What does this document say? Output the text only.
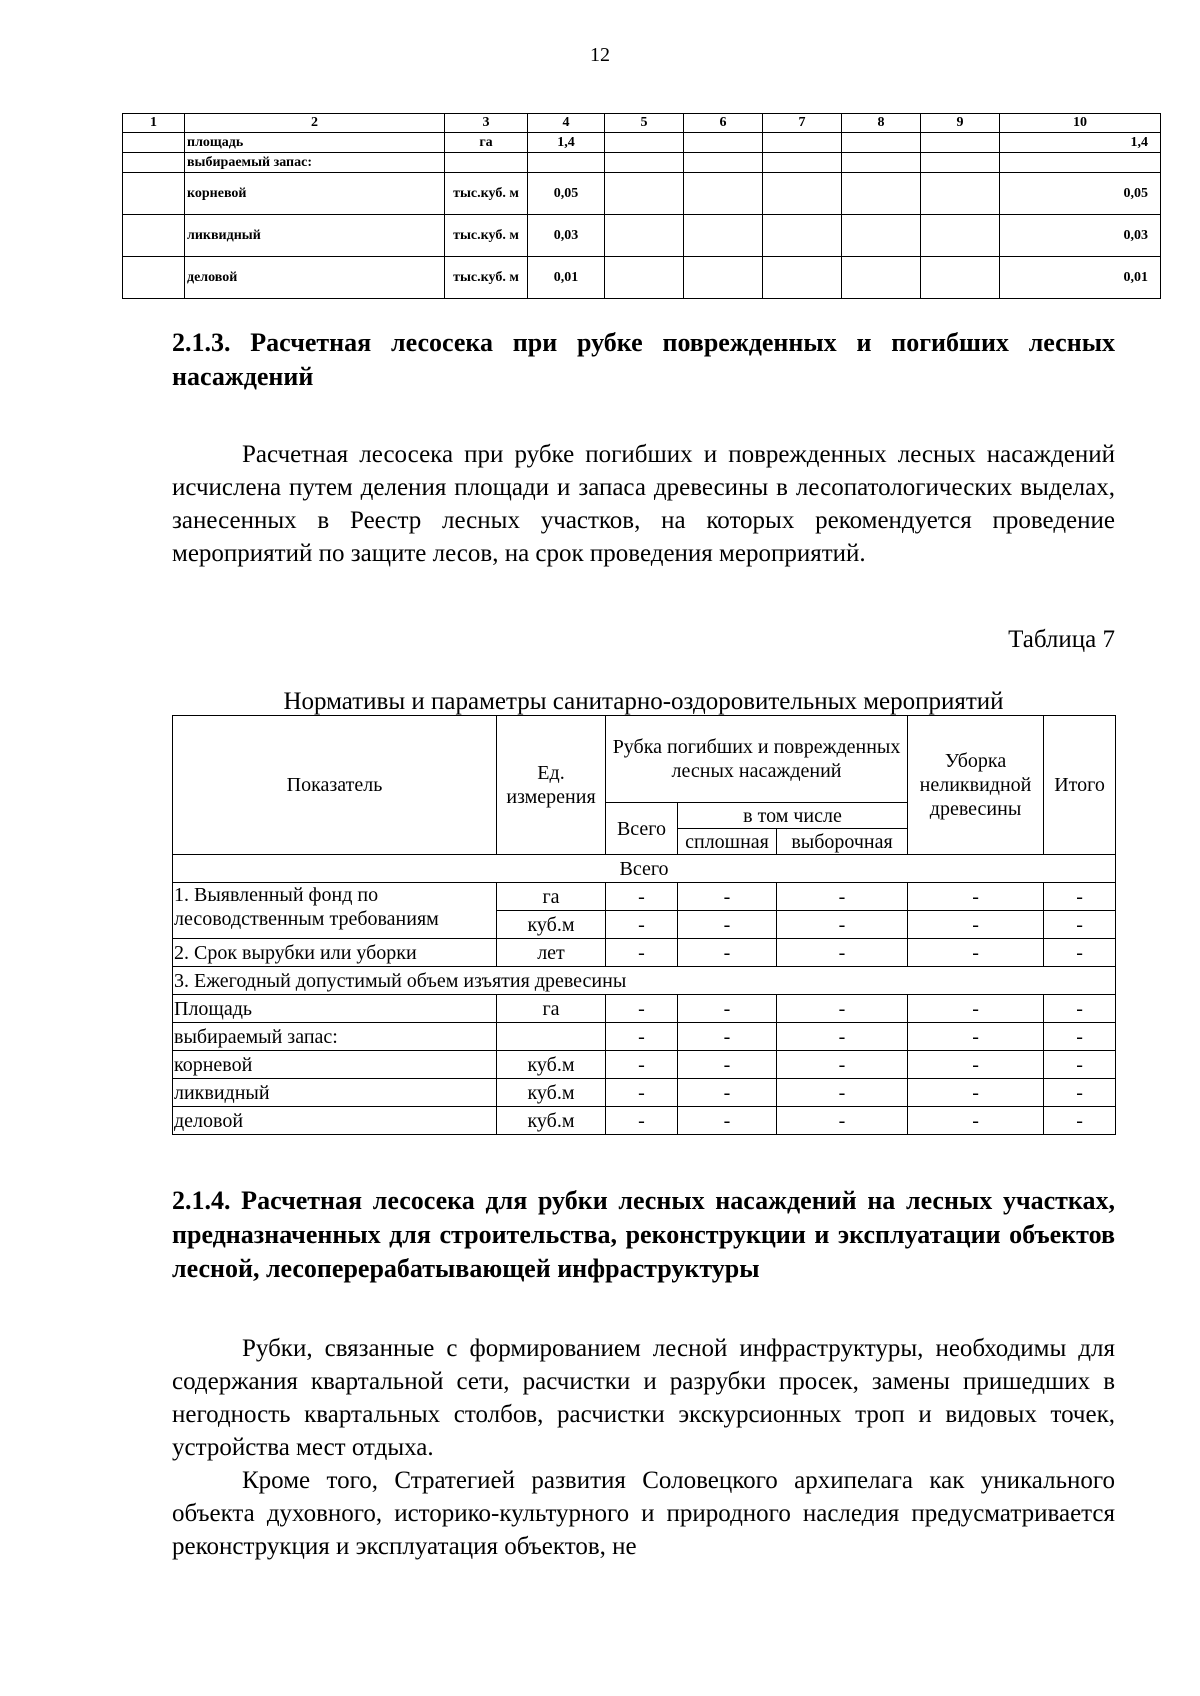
12
1	2	3	4	5	6	7	8	9	10
	площадь	га	1,4						1,4
	выбираемый запас:								
	корневой	тыс.куб. м	0,05						0,05
	ликвидный	тыс.куб. м	0,03						0,03
	деловой	тыс.куб. м	0,01						0,01
2.1.3. Расчетная лесосека при рубке поврежденных и погибших лесных насаждений
Расчетная лесосека при рубке погибших и поврежденных лесных насаждений исчислена путем деления площади и запаса древесины в лесопатологических выделах, занесенных в Реестр лесных участков, на которых рекомендуется проведение мероприятий по защите лесов, на срок проведения мероприятий.
Таблица 7
Нормативы и параметры санитарно-оздоровительных мероприятий
Показатель	Ед. измерения	Рубка погибших и поврежденных лесных насаждений			Уборка неликвидной древесины	Итого
		Всего	в том числе			
			сплошная	выборочная		
Всего						
1. Выявленный фонд по лесоводственным требованиям	га	-	-	-	-	-
	куб.м	-	-	-	-	-
2. Срок вырубки или уборки	лет	-	-	-	-	-
3. Ежегодный допустимый объем изъятия древесины						
Площадь	га	-	-	-	-	-
выбираемый запас:		-	-	-	-	-
корневой	куб.м	-	-	-	-	-
ликвидный	куб.м	-	-	-	-	-
деловой	куб.м	-	-	-	-	-
2.1.4. Расчетная лесосека для рубки лесных насаждений на лесных участках, предназначенных для строительства, реконструкции и эксплуатации объектов лесной, лесоперерабатывающей инфраструктуры
Рубки, связанные с формированием лесной инфраструктуры, необходимы для содержания квартальной сети, расчистки и разрубки просек, замены пришедших в негодность квартальных столбов, расчистки экскурсионных троп и видовых точек, устройства мест отдыха.
Кроме того, Стратегией развития Соловецкого архипелага как уникального объекта духовного, историко-культурного и природного наследия предусматривается реконструкция и эксплуатация объектов, не
